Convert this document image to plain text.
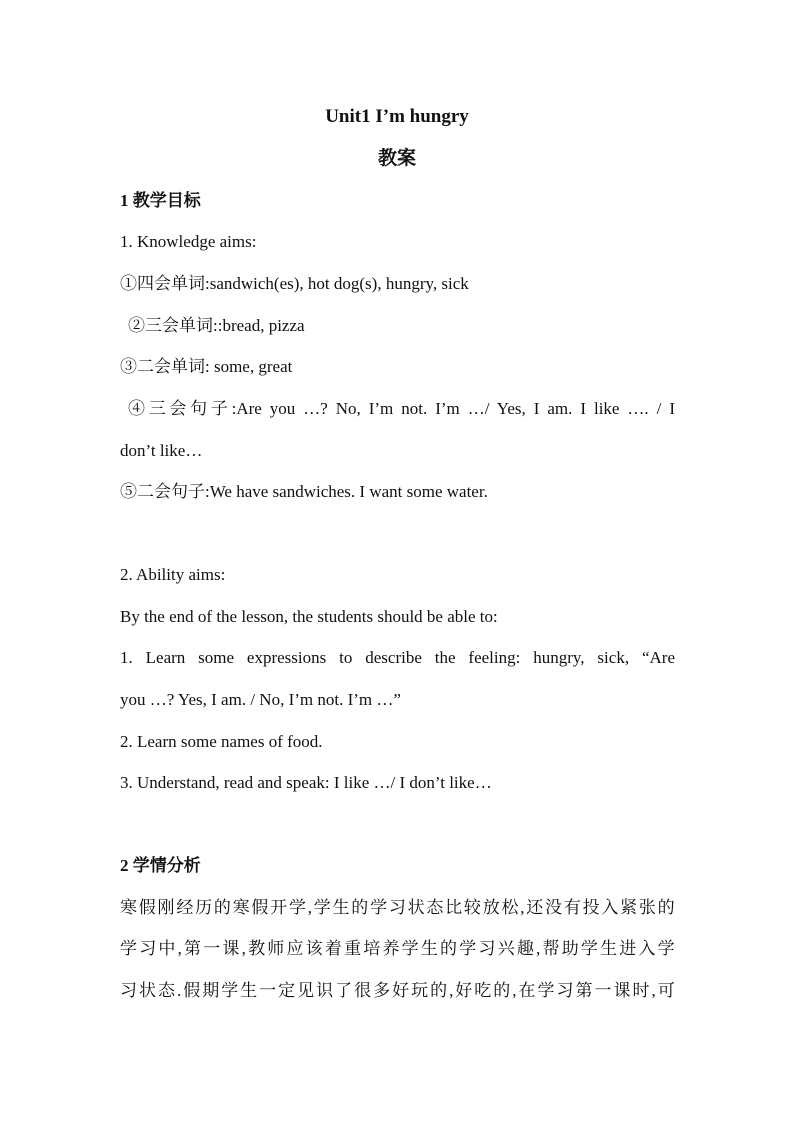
Unit1 I’m hungry
教案
1 教学目标
1. Knowledge aims:
①四会单词:sandwich(es), hot dog(s), hungry, sick
②三会单词::bread, pizza
③二会单词: some, great
④三会句子:Are you …? No, I’m not. I’m …/ Yes, I am. I like …. / I
don’t like…
⑤二会句子:We have sandwiches. I want some water.
2. Ability aims:
By the end of the lesson, the students should be able to:
1. Learn some expressions to describe the feeling: hungry, sick, “Are
you …? Yes, I am. / No, I’m not. I’m …”
2. Learn some names of food.
3. Understand, read and speak: I like …/ I don’t like…
2 学情分析
寒假刚经历的寒假开学,学生的学习状态比较放松,还没有投入紧张的
学习中,第一课,教师应该着重培养学生的学习兴趣,帮助学生进入学
习状态.假期学生一定见识了很多好玩的,好吃的,在学习第一课时,可
